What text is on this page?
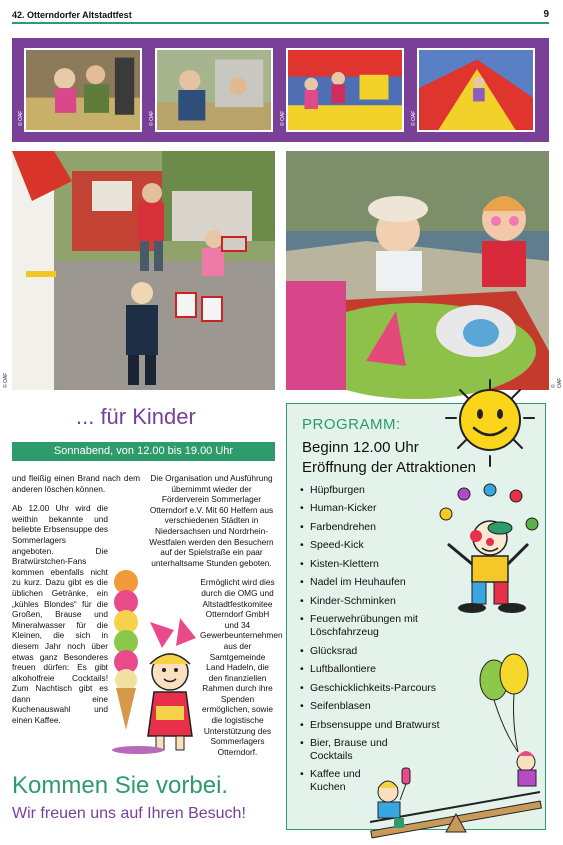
42. Otterndorfer Altstadtfest	9
© OAF	© OAF	© OAF	© OAF
© OAF	© OAF
... für Kinder
Sonnabend, von 12.00 bis 19.00 Uhr

und fleißig einen Brand nach dem anderen löschen können.

Ab 12.00 Uhr wird die weithin bekannte und beliebte Erbsensuppe des Sommerlagers angeboten. Die Bratwürstchen-Fans kommen ebenfalls nicht zu kurz. Dazu gibt es die üblichen Getränke, ein „kühles Blondes“ für die Großen, Brause und Mineralwasser für die Kleinen, die sich in diesem Jahr noch über etwas ganz Besonderes freuen dürfen: Es gibt alkoholfreie Cocktails! Zum Nachtisch gibt es dann eine Kuchenauswahl und einen Kaffee.

Die Organisation und Ausführung übernimmt wieder der Förderverein Sommerlager Otterndorf e.V. Mit 60 Helfern aus verschiedenen Städten in Niedersachsen und Nordrhein-Westfalen werden den Besuchern auf der Spielstraße ein paar unterhaltsame Stunden geboten.

Ermöglicht wird dies durch die OMG und Altstadtfestkomitee Otterndorf GmbH und 34 Gewerbeunternehmen aus der Samtgemeinde Land Hadeln, die den finanziellen Rahmen durch ihre Spenden ermöglichen, sowie die logistische Unterstützung des Sommerlagers Otterndorf.

Kommen Sie vorbei.
Wir freuen uns auf Ihren Besuch!
PROGRAMM:
Beginn 12.00 Uhr
Eröffnung der Attraktionen
• Hüpfburgen
• Human-Kicker
• Farbendrehen
• Speed-Kick
• Kisten-Klettern
• Nadel im Heuhaufen
• Kinder-Schminken
• Feuerwehrübungen mit Löschfahrzeug
• Glücksrad
• Luftballontiere
• Geschicklichkeits-Parcours
• Seifenblasen
• Erbsensuppe und Bratwurst
• Bier, Brause und Cocktails
• Kaffee und Kuchen
